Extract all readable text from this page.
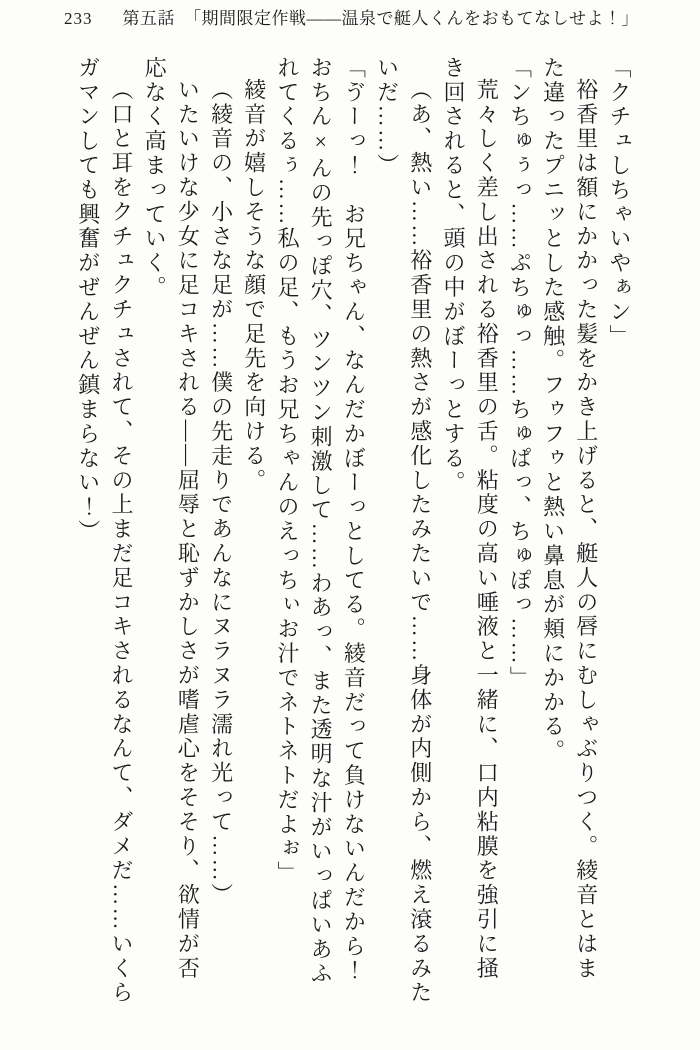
233 第五話　「期間限定作戦——温泉で艇人くんをおもてなしせよ！」
「クチュしちゃいやぁン」
裕香里は額にかかった髪をかき上げると、艇人の唇にむしゃぶりつく。綾音とはま
た違ったプニッとした感触。フゥフゥと熱い鼻息が頬にかかる。
「ンちゅぅっ……ぷちゅっ……ちゅぱっ、ちゅぽっ……」
荒々しく差し出される裕香里の舌。粘度の高い唾液と一緒に、口内粘膜を強引に掻
き回されると、頭の中がぼーっとする。
（あ、熱い……裕香里の熱さが感化したみたいで……身体が内側から、燃え滾るみた
いだ……）
「ゔーっ！　お兄ちゃん、なんだかぼーっとしてる。綾音だって負けないんだから！
おちん×んの先っぽ穴、ツンツン刺激して……わあっ、また透明な汁がいっぱいあふ
れてくるぅ……私の足、もうお兄ちゃんのえっちぃお汁でネトネトだよぉ」
綾音が嬉しそうな顔で足先を向ける。
（綾音の、小さな足が……僕の先走りであんなにヌラヌラ濡れ光って……）
いたいけな少女に足コキされる——屈辱と恥ずかしさが嗜虐心をそそり、欲情が否
応なく高まっていく。
（口と耳をクチュクチュされて、その上まだ足コキされるなんて、ダメだ……いくら
ガマンしても興奮がぜんぜん鎮まらない！）
